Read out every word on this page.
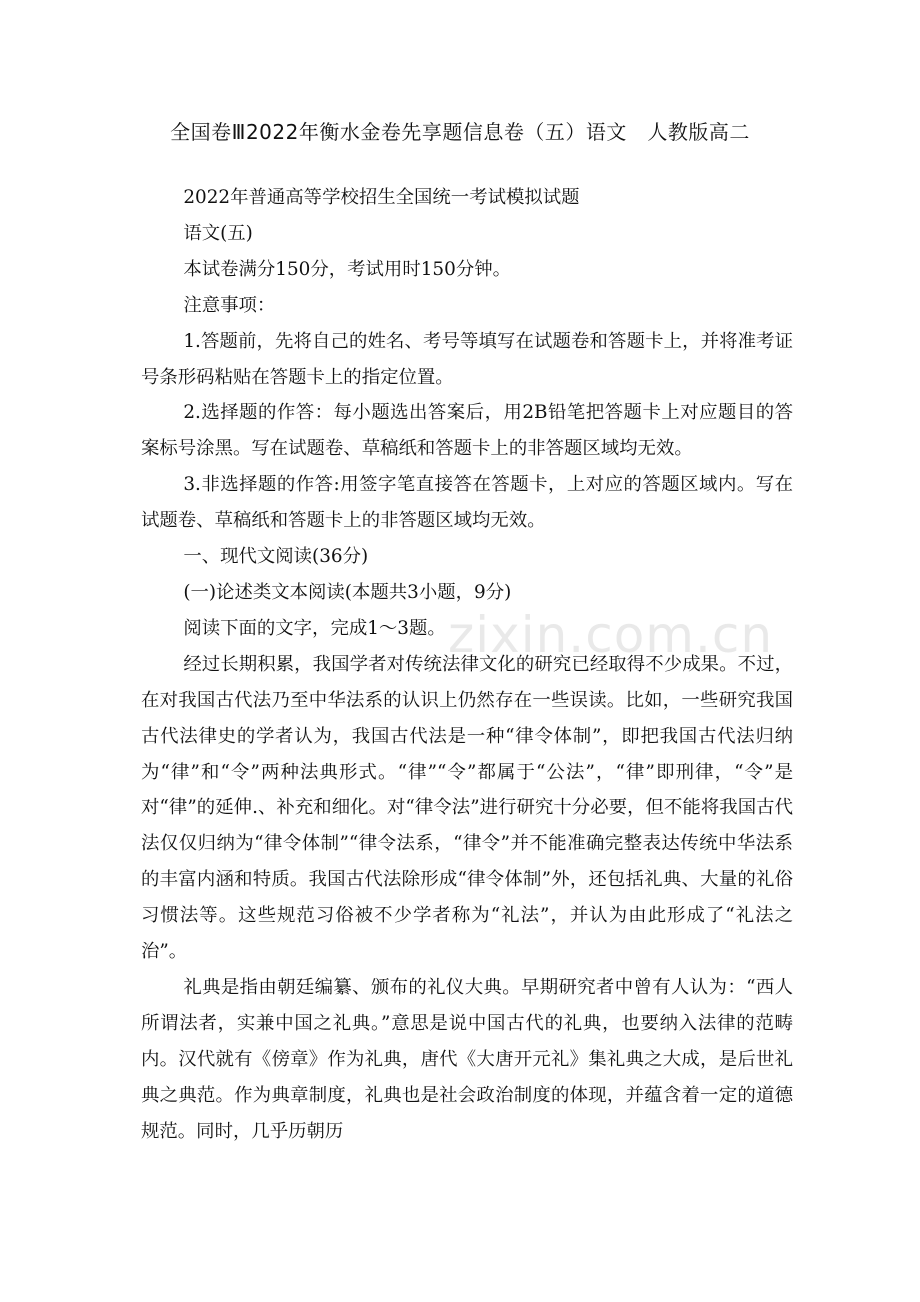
全国卷Ⅲ2022年衡水金卷先享题信息卷（五）语文　人教版高二

2022年普通高等学校招生全国统一考试模拟试题

语文(五)

本试卷满分150分，考试用时150分钟。

注意事项：

1.答题前，先将自己的姓名、考号等填写在试题卷和答题卡上，并将准考证号条形码粘贴在答题卡上的指定位置。

2.选择题的作答：每小题选出答案后，用2B铅笔把答题卡上对应题目的答案标号涂黑。写在试题卷、草稿纸和答题卡上的非答题区域均无效。

3.非选择题的作答:用签字笔直接答在答题卡，上对应的答题区域内。写在试题卷、草稿纸和答题卡上的非答题区域均无效。

一、现代文阅读(36分)

(一)论述类文本阅读(本题共3小题，9分)

阅读下面的文字，完成1～3题。

经过长期积累，我国学者对传统法律文化的研究已经取得不少成果。不过，在对我国古代法乃至中华法系的认识上仍然存在一些误读。比如，一些研究我国古代法律史的学者认为，我国古代法是一种“律令体制”，即把我国古代法归纳为“律”和“令”两种法典形式。“律”“令”都属于“公法”，“律”即刑律，“令”是对“律”的延伸.、补充和细化。对“律令法”进行研究十分必要，但不能将我国古代法仅仅归纳为“律令体制”“律令法系，“律令”并不能准确完整表达传统中华法系的丰富内涵和特质。我国古代法除形成“律令体制”外，还包括礼典、大量的礼俗习惯法等。这些规范习俗被不少学者称为“礼法”，并认为由此形成了“礼法之治”。

礼典是指由朝廷编纂、颁布的礼仪大典。早期研究者中曾有人认为：“西人所谓法者，实兼中国之礼典。”意思是说中国古代的礼典，也要纳入法律的范畴内。汉代就有《傍章》作为礼典，唐代《大唐开元礼》集礼典之大成，是后世礼典之典范。作为典章制度，礼典也是社会政治制度的体现，并蕴含着一定的道德规范。同时，几乎历朝历

zixin.com.cn
